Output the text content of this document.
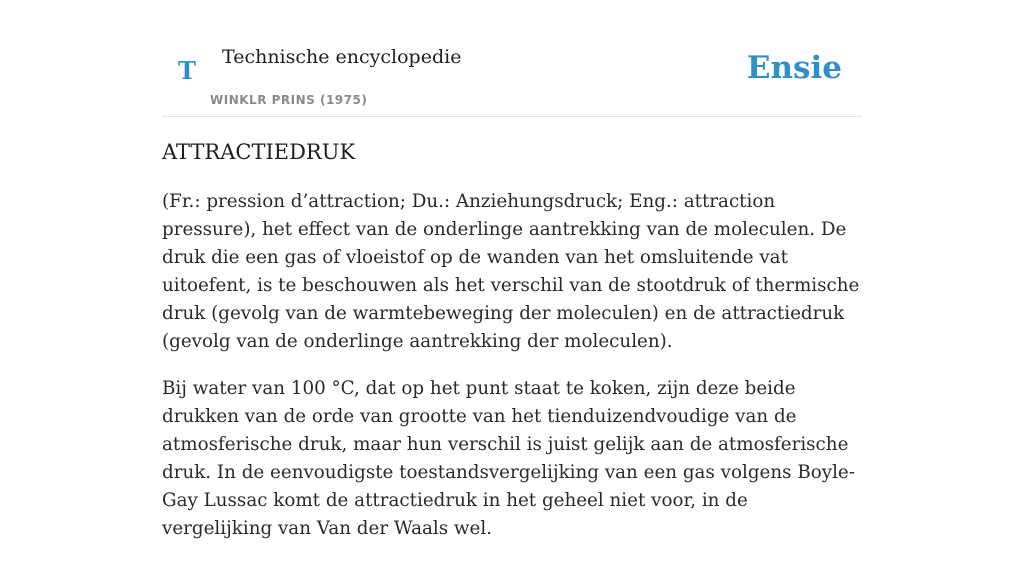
T Technische encyclopedie
WINKLR PRINS (1975)
Ensie
ATTRACTIEDRUK

(Fr.: pression d’attraction; Du.: Anziehungsdruck; Eng.: attraction pressure), het effect van de onderlinge aantrekking van de moleculen. De druk die een gas of vloeistof op de wanden van het omsluitende vat uitoefent, is te beschouwen als het verschil van de stootdruk of thermische druk (gevolg van de warmtebeweging der moleculen) en de attractiedruk (gevolg van de onderlinge aantrekking der moleculen).

Bij water van 100 °C, dat op het punt staat te koken, zijn deze beide drukken van de orde van grootte van het tienduizendvoudige van de atmosferische druk, maar hun verschil is juist gelijk aan de atmosferische druk. In de eenvoudigste toestandsvergelijking van een gas volgens Boyle-Gay Lussac komt de attractiedruk in het geheel niet voor, in de vergelijking van Van der Waals wel.
